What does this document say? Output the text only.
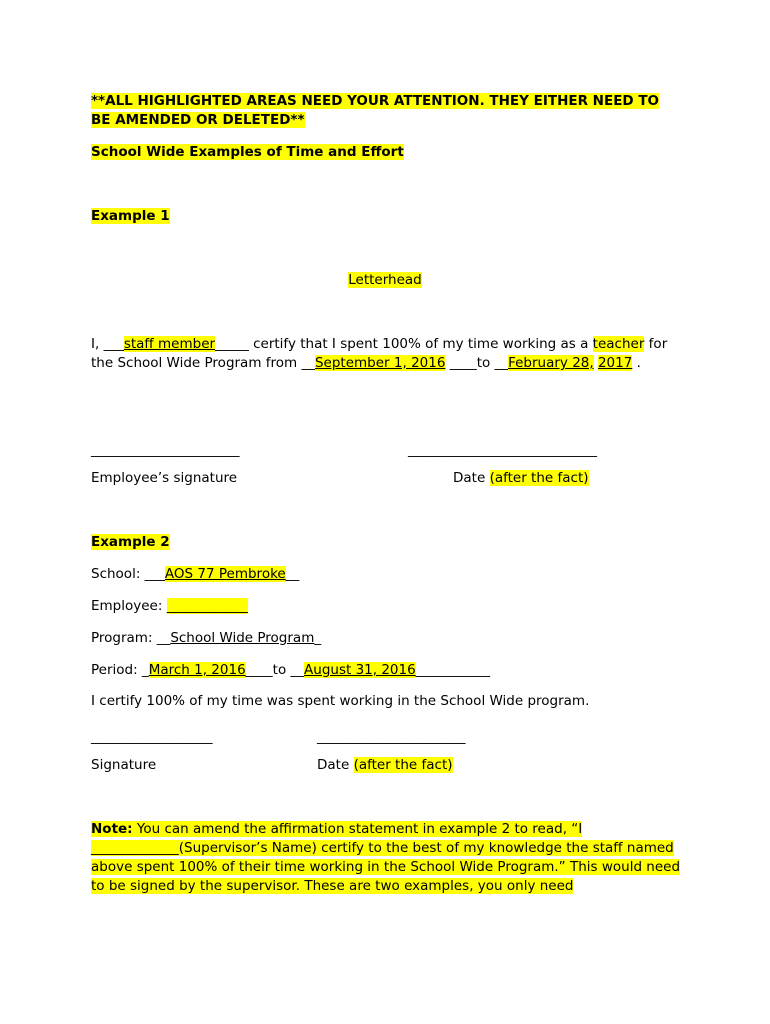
**ALL HIGHLIGHTED AREAS NEED YOUR ATTENTION. THEY EITHER NEED TO BE AMENDED OR DELETED**
School Wide Examples of Time and Effort
Example 1
Letterhead
I, ___staff member_____ certify that I spent 100% of my time working as a teacher for the School Wide Program from __September 1, 2016 ____to __February 28, 2017 .
______________________	____________________________
Employee’s signature	Date (after the fact)
Example 2
School: ___AOS 77 Pembroke__
Employee: ____________
Program: __School Wide Program_
Period: _March 1, 2016____to __August 31, 2016___________
I certify 100% of my time was spent working in the School Wide program.
__________________	______________________
Signature	Date (after the fact)
Note: You can amend the affirmation statement in example 2 to read, “I _____________(Supervisor’s Name) certify to the best of my knowledge the staff named above spent 100% of their time working in the School Wide Program.” This would need to be signed by the supervisor. These are two examples, you only need
